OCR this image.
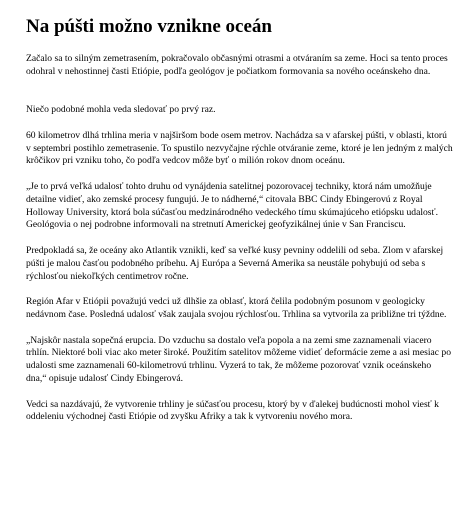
Na púšti možno vznikne oceán

Začalo sa to silným zemetrasením, pokračovalo občasnými otrasmi a otváraním sa zeme. Hoci sa tento proces odohral v nehostinnej časti Etiópie, podľa geológov je počiatkom formovania sa nového oceánskeho dna.

Niečo podobné mohla veda sledovať po prvý raz.

60 kilometrov dlhá trhlina meria v najširšom bode osem metrov. Nachádza sa v afarskej púšti, v oblasti, ktorú v septembri postihlo zemetrasenie. To spustilo nezvyčajne rýchle otváranie zeme, ktoré je len jedným z malých krôčikov pri vzniku toho, čo podľa vedcov môže byť o milión rokov dnom oceánu.

„Je to prvá veľká udalosť tohto druhu od vynájdenia satelitnej pozorovacej techniky, ktorá nám umožňuje detailne vidieť, ako zemské procesy fungujú. Je to nádherné,“ citovala BBC Cindy Ebingerovú z Royal Holloway University, ktorá bola súčasťou medzinárodného vedeckého tímu skúmajúceho etiópsku udalosť. Geológovia o nej podrobne informovali na stretnutí Americkej geofyzikálnej únie v San Franciscu.

Predpokladá sa, že oceány ako Atlantik vznikli, keď sa veľké kusy pevniny oddelili od seba. Zlom v afarskej púšti je malou časťou podobného príbehu. Aj Európa a Severná Amerika sa neustále pohybujú od seba s rýchlosťou niekoľkých centimetrov ročne.

Región Afar v Etiópii považujú vedci už dlhšie za oblasť, ktorá čelila podobným posunom v geologicky nedávnom čase. Posledná udalosť však zaujala svojou rýchlosťou. Trhlina sa vytvorila za približne tri týždne.

„Najskôr nastala sopečná erupcia. Do vzduchu sa dostalo veľa popola a na zemi sme zaznamenali viacero trhlín. Niektoré boli viac ako meter široké. Použitím satelitov môžeme vidieť deformácie zeme a asi mesiac po udalosti sme zaznamenali 60-kilometrovú trhlinu. Vyzerá to tak, že môžeme pozorovať vznik oceánskeho dna,“ opisuje udalosť Cindy Ebingerová.

Vedci sa nazdávajú, že vytvorenie trhliny je súčasťou procesu, ktorý by v ďalekej budúcnosti mohol viesť k oddeleniu východnej časti Etiópie od zvyšku Afriky a tak k vytvoreniu nového mora.
